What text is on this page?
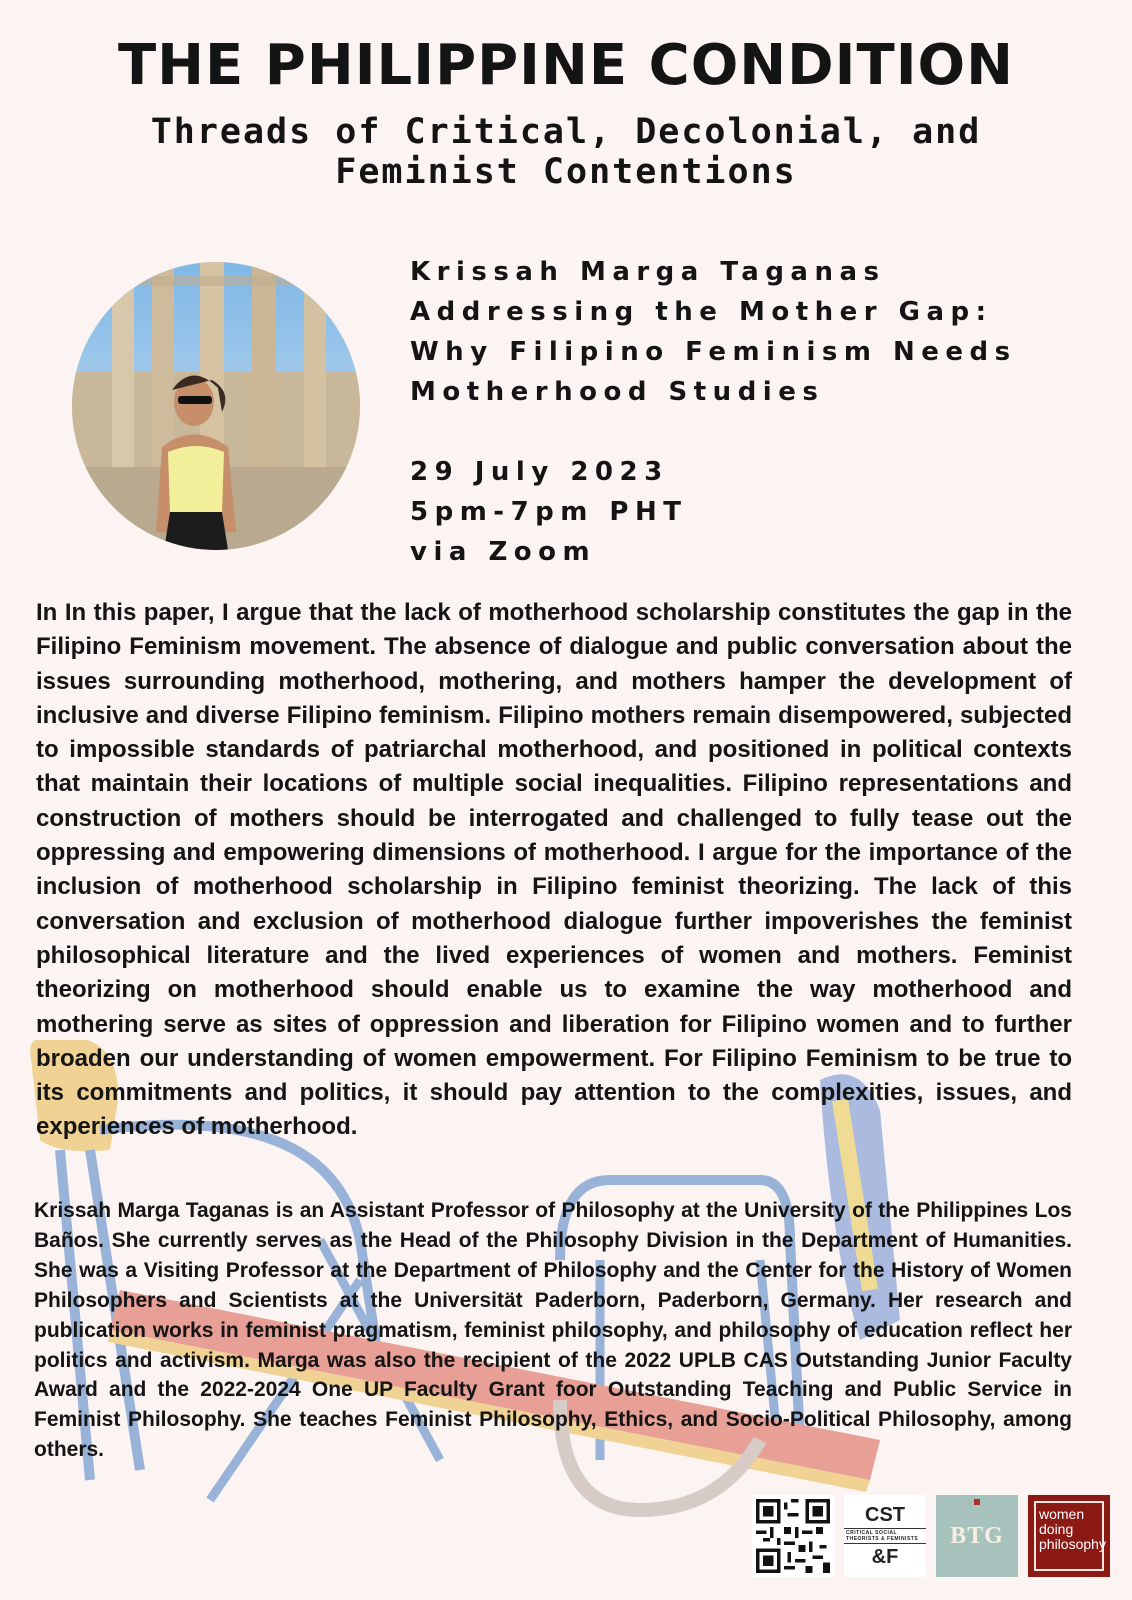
THE PHILIPPINE CONDITION
Threads of Critical, Decolonial, and
Feminist Contentions
Krissah Marga Taganas
Addressing the Mother Gap:
Why Filipino Feminism Needs
Motherhood Studies
29 July 2023
5pm-7pm PHT
via Zoom

In In this paper, I argue that the lack of motherhood scholarship constitutes the gap in the Filipino Feminism movement. The absence of dialogue and public conversation about the issues surrounding motherhood, mothering, and mothers hamper the development of inclusive and diverse Filipino feminism. Filipino mothers remain disempowered, subjected to impossible standards of patriarchal motherhood, and positioned in political contexts that maintain their locations of multiple social inequalities. Filipino representations and construction of mothers should be interrogated and challenged to fully tease out the oppressing and empowering dimensions of motherhood. I argue for the importance of the inclusion of motherhood scholarship in Filipino feminist theorizing. The lack of this conversation and exclusion of motherhood dialogue further impoverishes the feminist philosophical literature and the lived experiences of women and mothers. Feminist theorizing on motherhood should enable us to examine the way motherhood and mothering serve as sites of oppression and liberation for Filipino women and to further broaden our understanding of women empowerment. For Filipino Feminism to be true to its commitments and politics, it should pay attention to the complexities, issues, and experiences of motherhood.

Krissah Marga Taganas is an Assistant Professor of Philosophy at the University of the Philippines Los Baños. She currently serves as the Head of the Philosophy Division in the Department of Humanities. She was a Visiting Professor at the Department of Philosophy and the Center for the History of Women Philosophers and Scientists at the Universität Paderborn, Paderborn, Germany. Her research and publication works in feminist pragmatism, feminist philosophy, and philosophy of education reflect her politics and activism. Marga was also the recipient of the 2022 UPLB CAS Outstanding Junior Faculty Award and the 2022-2024 One UP Faculty Grant foor Outstanding Teaching and Public Service in Feminist Philosophy. She teaches Feminist Philosophy, Ethics, and Socio-Political Philosophy, among others.

CST
CRITICAL SOCIAL THEORISTS & FEMINISTS
&F
BTG
women
doing
philosophy
